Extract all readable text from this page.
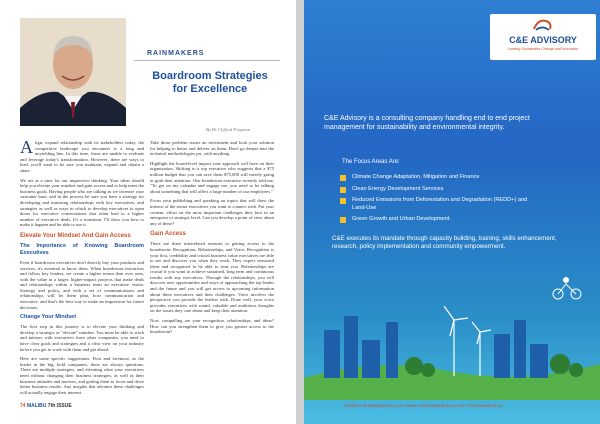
RAINMAKERS
Boardroom Strategies
for Excellence
By Dr Clifford Ferguson

Align, expand relationship with its stakeholders today, the competitive landscape you encounter is a long and unyielding line. In this time, firms are unable to evaluate and leverage today's transformation. However, there are ways to lead, you'll want to be sure you maintain, expand and obtain a share.

We are at a time for our impressive thinking. Your ideas should help you elevate your mindset and gain access and to help meet the business goals. Having people who are talking as we increase your customer base, and in the process be sure you have a strategy for developing and nurturing relationships with key executives, and strategies as well as ways in which to develop executives to open doors for executive conversations that often lead to a higher number of executive deals. It's a transition, I'll show you how to make it happen and be able to use it.

Elevate Your Mindset And Gain Access
The Importance of Knowing Boardroom Executives

Even if boardroom executives don't directly buy your products and services, it's essential to know them. When boardroom executives and follow key leaders, we create a higher return than ever seen, with the value in a larger, higher-impact projects that make deals and relationships within a business team an executive vision. Strategy and policy, and with a set of communications and relationships will let them plan, how communication and executive, and that's the best way to make an impression for future decisions.

Change Your Mindset

The first step in this journey is to elevate your thinking and develop a strategic or "elevate" mindset. You must be able to work and interact with executives from other companies, you need to have clear goals and strategies and a clear view on your industry before you get to work with them and get ahead.

Here are some specific suggestions. First and foremost, as the leader in the big, bold companies, there are always questions. There are multiple strategies, and elevating what your executives need without changing their business strategies, as well as their business attitudes and motives, and getting them to focus and drive better business results. Any insights that advance these challenges will actually engage their interest.

Take those problem issues an investment and look your solution for helping to better and deliver on them. Don't go deeper into the technical methodologies yet, with anything.

Highlight the board-level impact your approach will have on their organisation. Shifting to a top executive who suggests that a $75 million budget that you can save them $75,000 will merely going to grab their attention. One boardroom executive recently told me, "To get on my calendar and engage me, you need to be talking about something that will affect a large number of our employees."

Focus your publishing and speaking on topics that will draw the interest of the senior executives you want to connect with. Put your content, effort on the most important challenges they face in an enterprise or strategic level. Can you develop a point of view about any of these?

Gain Access

There are three interrelated avenues to getting access to the boardroom: Recognition, Relationships, and Voice. Recognition is your first, credibility and crucial business value executives are able to see and discover you when they work. They expect seasoned ideas and recognised to be able to trust you. Relationships are crucial if you want to achieve sustained, long term and continuous results with any executives. Through the relationships, you will discover new opportunities and ways of approaching the top leader and the future and you will get access to upcoming information about these executives and their challenges. Voice involves the perspective you provide the leaders with. Done well, your voice provides executives with sound, valuable and ambitious thoughts on the issues they care about and keep their attention.

Now, compelling are your recognition, relationships, and ideas? How can you strengthen them to give you greater access to the boardroom?

74 MALIBU 7th ISSUE
C&E ADVISORY
Leading Sustainable Change and Innovation
C&E Advisory is a consulting company handling end to end project management for sustainability and environmental integrity.
The Focus Areas Are:
Climate Change Adaptation, Mitigation and Finance
Clean Energy Development Services
Reduced Emissions from Deforestation and Degradation (REDD+) and Land-Use
Green Growth and Urban Development.
C&E executes its mandate through capacity building, training, skills enhancement, research, policy implementation and community empowerment.
info@ceclimateadvisory.com www.ceclimateadvisory.com #climateadvisory
